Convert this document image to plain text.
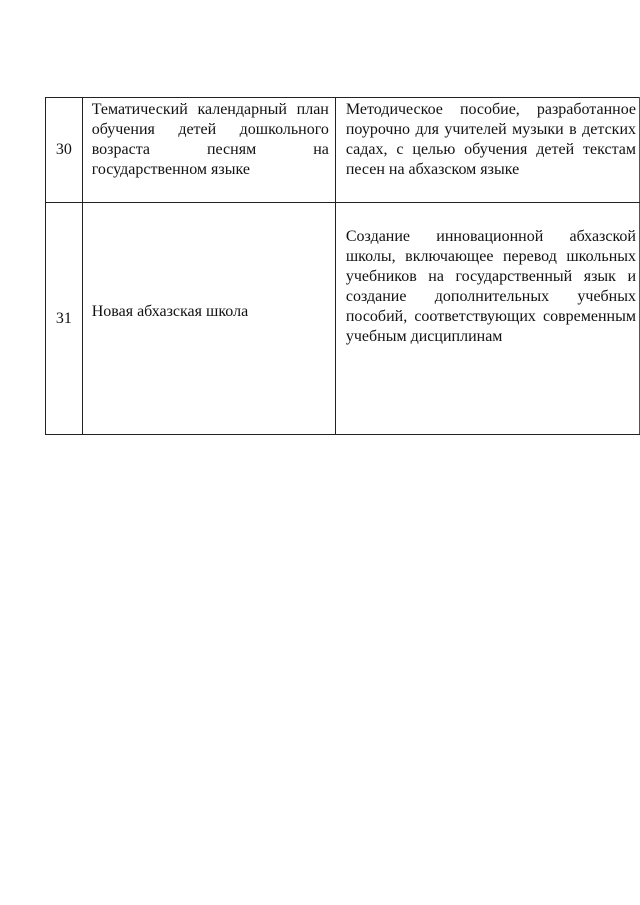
30	Тематический календарный план обучения детей дошкольного возраста песням на государственном языке	Методическое пособие, разработанное поурочно для учителей музыки в детских садах, с целью обучения детей текстам песен на абхазском языке
31	Новая абхазская школа	Создание инновационной абхазской школы, включающее перевод школьных учебников на государственный язык и создание дополнительных учебных пособий, соответствующих современным учебным дисциплинам
